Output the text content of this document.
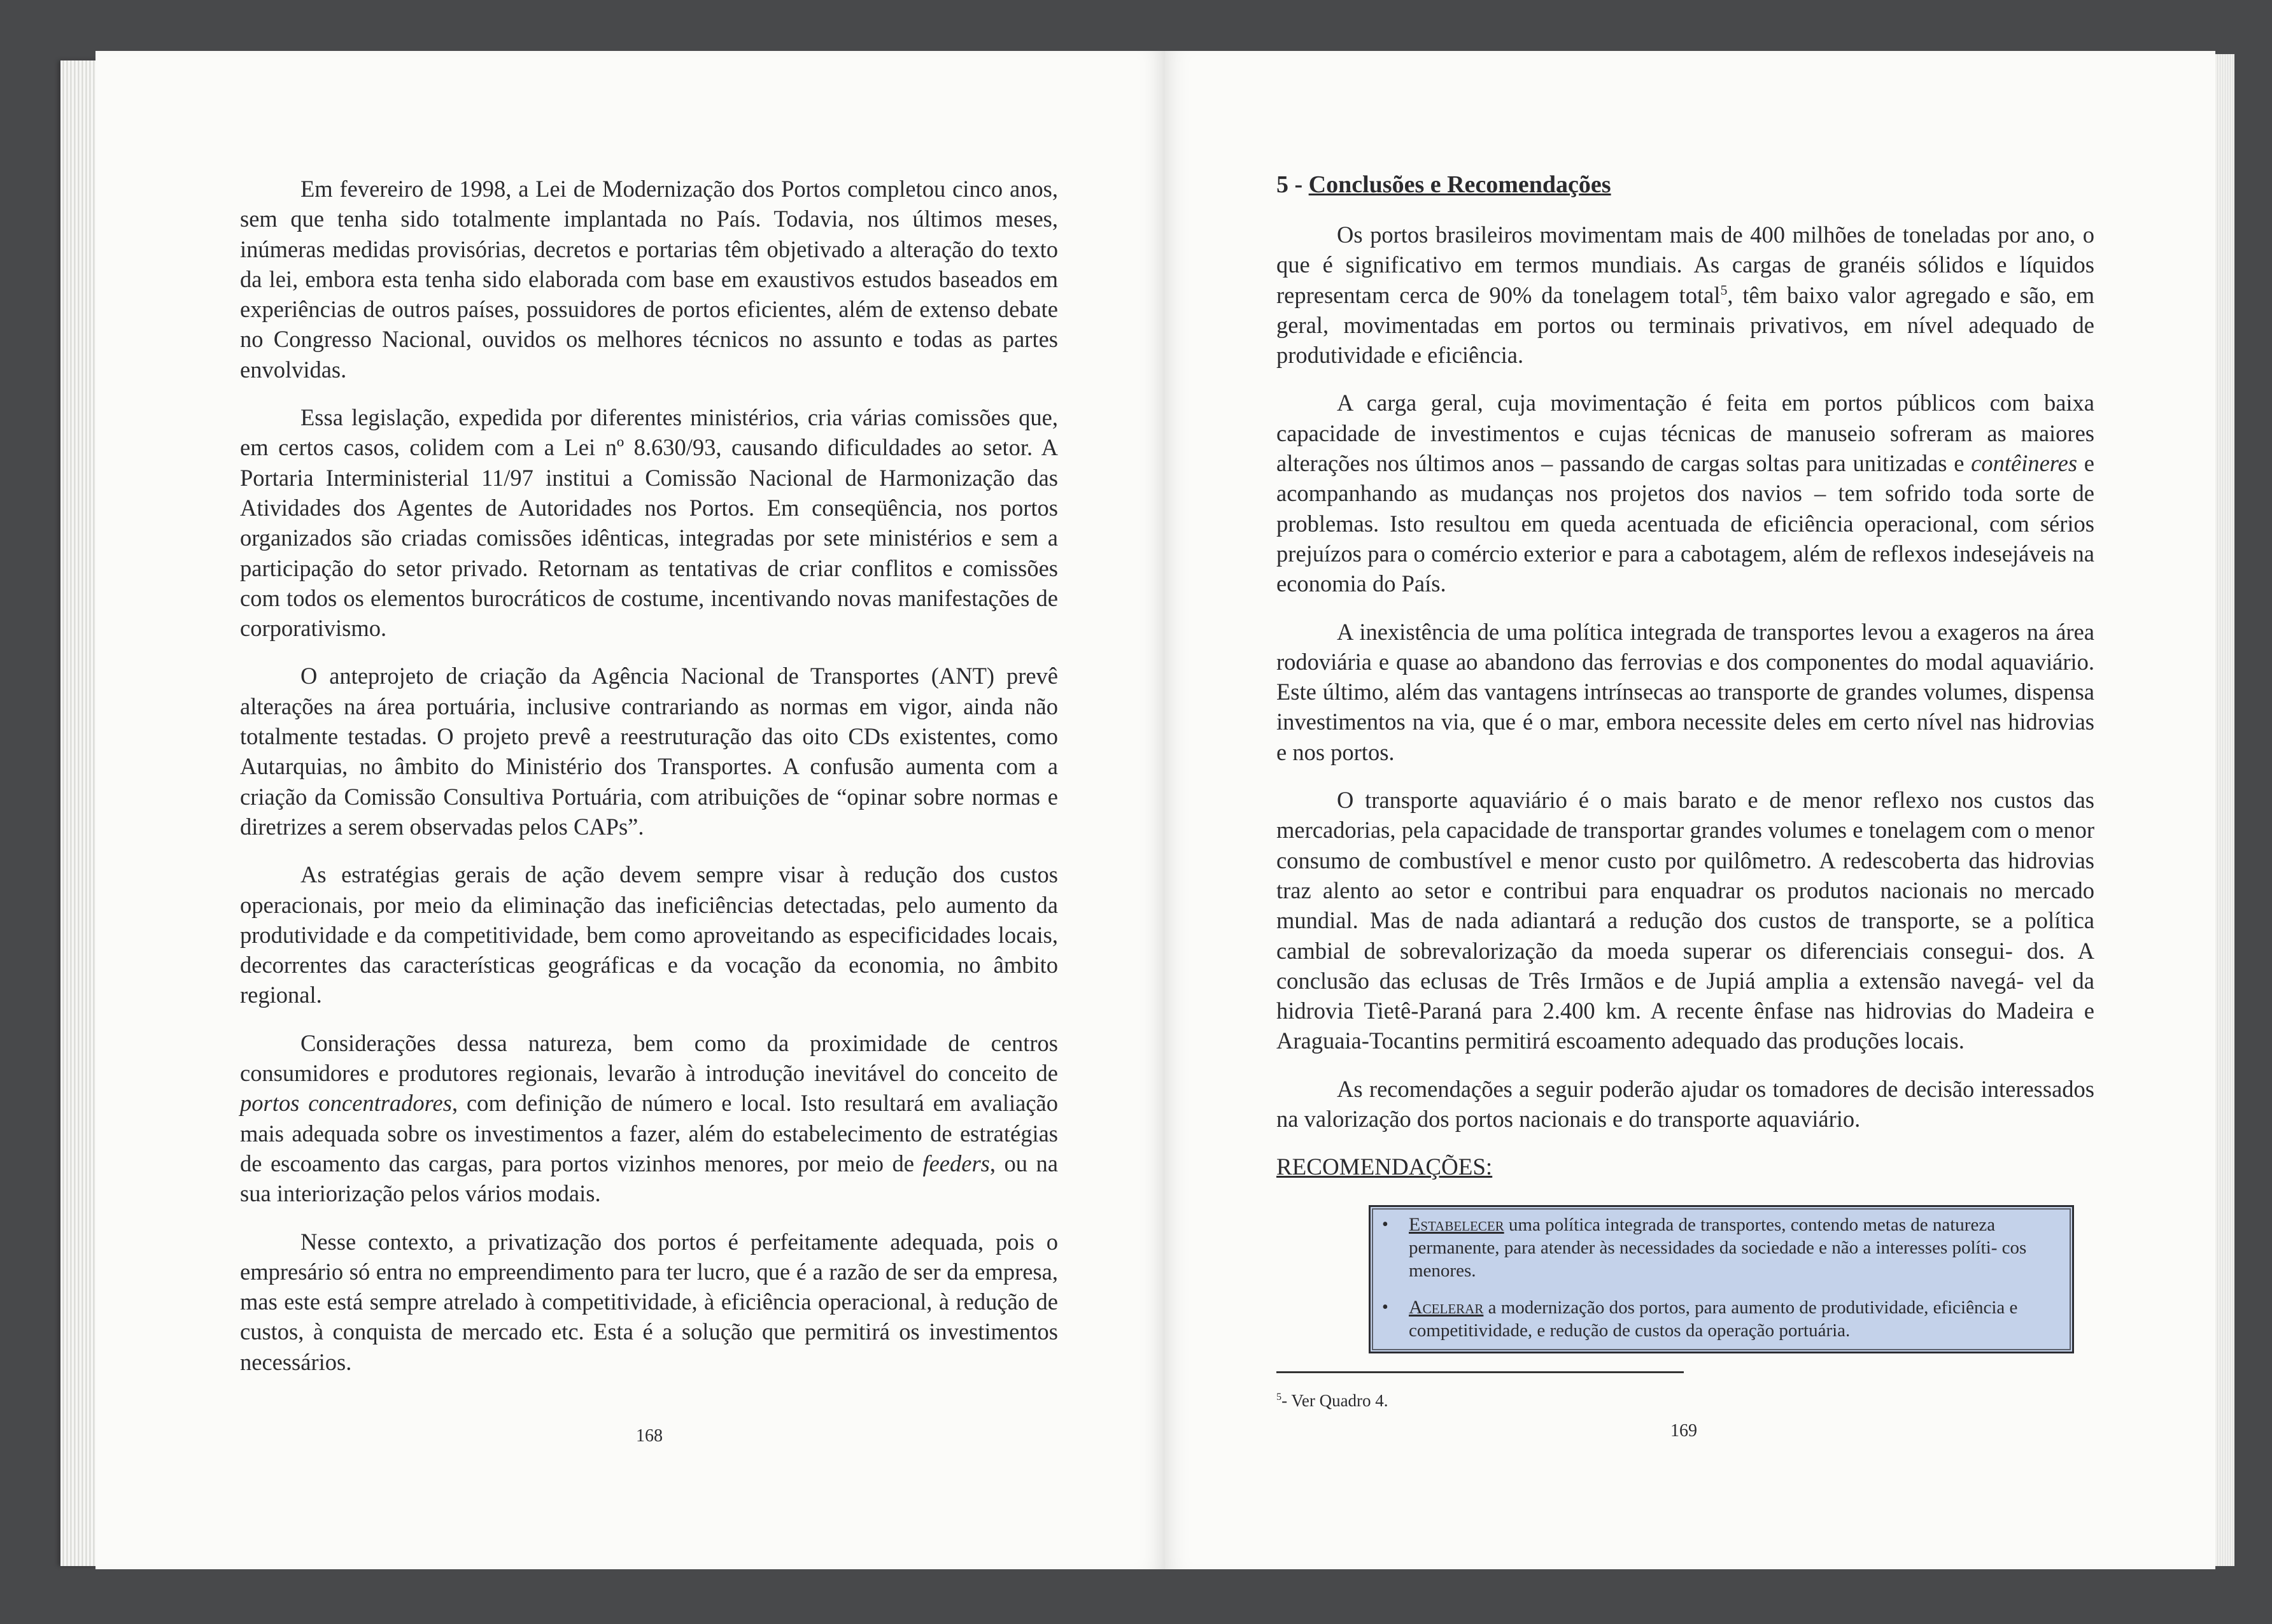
Em fevereiro de 1998, a Lei de Modernização dos Portos completou cinco anos, sem que tenha sido totalmente implantada no País. Todavia, nos últimos meses, inúmeras medidas provisórias, decretos e portarias têm objetivado a alteração do texto da lei, embora esta tenha sido elaborada com base em exaustivos estudos baseados em experiências de outros países, possuidores de portos eficientes, além de extenso debate no Congresso Nacional, ouvidos os melhores técnicos no assunto e todas as partes envolvidas.

Essa legislação, expedida por diferentes ministérios, cria várias comissões que, em certos casos, colidem com a Lei nº 8.630/93, causando dificuldades ao setor. A Portaria Interministerial 11/97 institui a Comissão Nacional de Harmonização das Atividades dos Agentes de Autoridades nos Portos. Em conseqüência, nos portos organizados são criadas comissões idênticas, integradas por sete ministérios e sem a participação do setor privado. Retornam as tentativas de criar conflitos e comissões com todos os elementos burocráticos de costume, incentivando novas manifestações de corporativismo.

O anteprojeto de criação da Agência Nacional de Transportes (ANT) prevê alterações na área portuária, inclusive contrariando as normas em vigor, ainda não totalmente testadas. O projeto prevê a reestruturação das oito CDs existentes, como Autarquias, no âmbito do Ministério dos Transportes. A confusão aumenta com a criação da Comissão Consultiva Portuária, com atribuições de “opinar sobre normas e diretrizes a serem observadas pelos CAPs”.

As estratégias gerais de ação devem sempre visar à redução dos custos operacionais, por meio da eliminação das ineficiências detectadas, pelo aumento da produtividade e da competitividade, bem como aproveitando as especificidades locais, decorrentes das características geográficas e da vocação da economia, no âmbito regional.

Considerações dessa natureza, bem como da proximidade de centros consumidores e produtores regionais, levarão à introdução inevitável do conceito de portos concentradores, com definição de número e local. Isto resultará em avaliação mais adequada sobre os investimentos a fazer, além do estabelecimento de estratégias de escoamento das cargas, para portos vizinhos menores, por meio de feeders, ou na sua interiorização pelos vários modais.

Nesse contexto, a privatização dos portos é perfeitamente adequada, pois o empresário só entra no empreendimento para ter lucro, que é a razão de ser da empresa, mas este está sempre atrelado à competitividade, à eficiência operacional, à redução de custos, à conquista de mercado etc. Esta é a solução que permitirá os investimentos necessários.

168
5 - Conclusões e Recomendações

Os portos brasileiros movimentam mais de 400 milhões de toneladas por ano, o que é significativo em termos mundiais. As cargas de granéis sólidos e líquidos representam cerca de 90% da tonelagem total$^5$, têm baixo valor agregado e são, em geral, movimentadas em portos ou terminais privativos, em nível adequado de produtividade e eficiência.

A carga geral, cuja movimentação é feita em portos públicos com baixa capacidade de investimentos e cujas técnicas de manuseio sofreram as maiores alterações nos últimos anos – passando de cargas soltas para unitizadas e contêineres e acompanhando as mudanças nos projetos dos navios – tem sofrido toda sorte de problemas. Isto resultou em queda acentuada de eficiência operacional, com sérios prejuízos para o comércio exterior e para a cabotagem, além de reflexos indesejáveis na economia do País.

A inexistência de uma política integrada de transportes levou a exageros na área rodoviária e quase ao abandono das ferrovias e dos componentes do modal aquaviário. Este último, além das vantagens intrínsecas ao transporte de grandes volumes, dispensa investimentos na via, que é o mar, embora necessite deles em certo nível nas hidrovias e nos portos.

O transporte aquaviário é o mais barato e de menor reflexo nos custos das mercadorias, pela capacidade de transportar grandes volumes e tonelagem com o menor consumo de combustível e menor custo por quilômetro. A redescoberta das hidrovias traz alento ao setor e contribui para enquadrar os produtos nacionais no mercado mundial. Mas de nada adiantará a redução dos custos de transporte, se a política cambial de sobrevalorização da moeda superar os diferenciais consegui- dos. A conclusão das eclusas de Três Irmãos e de Jupiá amplia a extensão navegá- vel da hidrovia Tietê-Paraná para 2.400 km. A recente ênfase nas hidrovias do Madeira e Araguaia-Tocantins permitirá escoamento adequado das produções locais.

As recomendações a seguir poderão ajudar os tomadores de decisão interessados na valorização dos portos nacionais e do transporte aquaviário.

RECOMENDAÇÕES:
• Estabelecer uma política integrada de transportes, contendo metas de natureza permanente, para atender às necessidades da sociedade e não a interesses políti- cos menores.
• Acelerar a modernização dos portos, para aumento de produtividade, eficiência e competitividade, e redução de custos da operação portuária.
$^5$- Ver Quadro 4.
169
